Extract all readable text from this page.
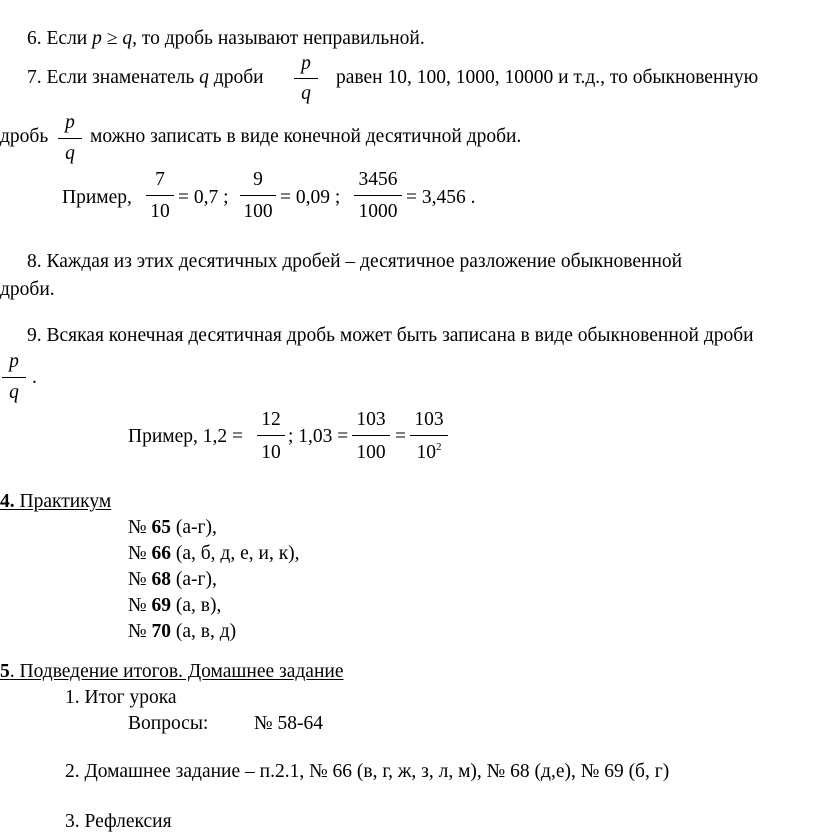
6. Если p ≥ q, то дробь называют неправильной.
7. Если знаменатель q дроби
p
q
равен 10, 100, 1000, 10000 и т.д., то обыкновенную
дробь
p
q
можно записать в виде конечной десятичной дроби.
Пример,
7
10
= 0,7 ;
9
100
= 0,09 ;
3456
1000
= 3,456 .
8. Каждая из этих десятичных дробей – десятичное разложение обыкновенной
дроби.
9. Всякая конечная десятичная дробь может быть записана в виде обыкновенной дроби
p
q
.
Пример, 1,2 =
12
10
; 1,03 =
103
100
=
103
$10^2$
4. Практикум
№ 65 (а-г),
№ 66 (а, б, д, е, и, к),
№ 68 (а-г),
№ 69 (а, в),
№ 70 (а, в, д)
5. Подведение итогов. Домашнее задание
1. Итог урока
Вопросы: № 58-64
2. Домашнее задание – п.2.1, № 66 (в, г, ж, з, л, м), № 68 (д,е), № 69 (б, г)
3. Рефлексия
